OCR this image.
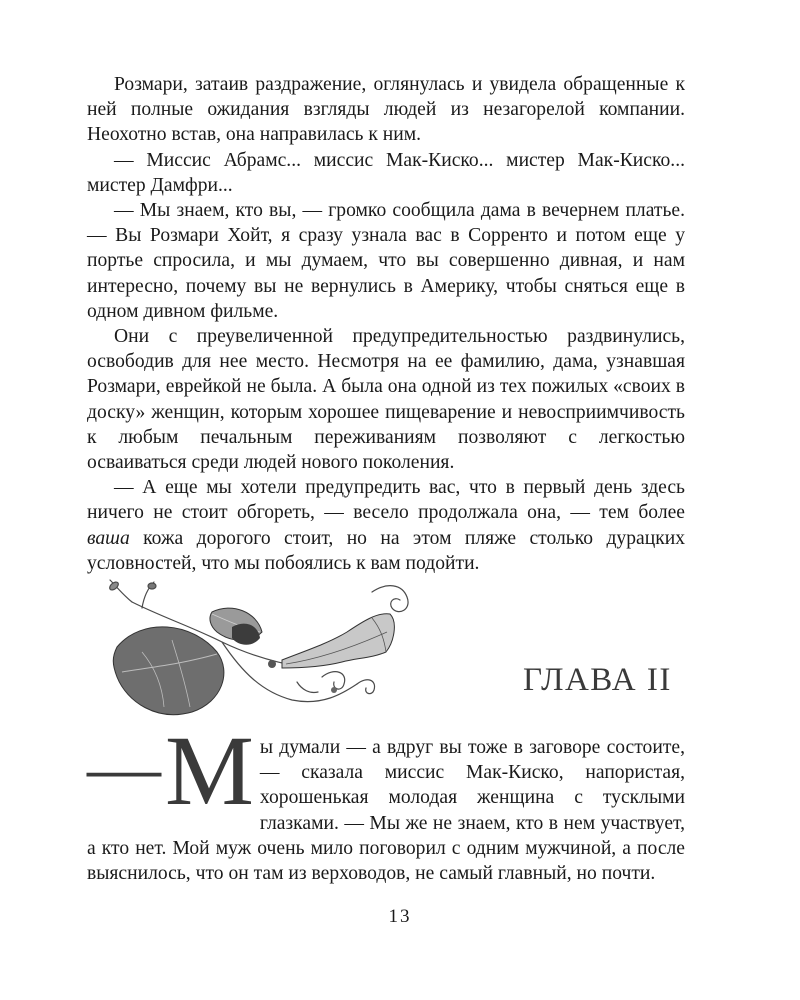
Розмари, затаив раздражение, оглянулась и увидела обращенные к ней полные ожидания взгляды людей из незагорелой компании. Неохотно встав, она направилась к ним.

— Миссис Абрамс... миссис Мак-Киско... мистер Мак-Киско... мистер Дамфри...

— Мы знаем, кто вы, — громко сообщила дама в вечернем платье. — Вы Розмари Хойт, я сразу узнала вас в Сорренто и потом еще у портье спросила, и мы думаем, что вы совершенно дивная, и нам интересно, почему вы не вернулись в Америку, чтобы сняться еще в одном дивном фильме.

Они с преувеличенной предупредительностью раздвинулись, освободив для нее место. Несмотря на ее фамилию, дама, узнавшая Розмари, еврейкой не была. А была она одной из тех пожилых «своих в доску» женщин, которым хорошее пищеварение и невосприимчивость к любым печальным переживаниям позволяют с легкостью осваиваться среди людей нового поколения.

— А еще мы хотели предупредить вас, что в первый день здесь ничего не стоит обгореть, — весело продолжала она, — тем более ваша кожа дорогого стоит, но на этом пляже столько дурацких условностей, что мы побоялись к вам подойти.

ГЛАВА II
— М ы думали — а вдруг вы тоже в заговоре состоите, — сказала миссис Мак-Киско, напористая, хорошенькая молодая женщина с тусклыми глазками. — Мы же не знаем, кто в нем участвует, а кто нет. Мой муж очень мило поговорил с одним мужчиной, а после выяснилось, что он там из верховодов, не самый главный, но почти.

13
